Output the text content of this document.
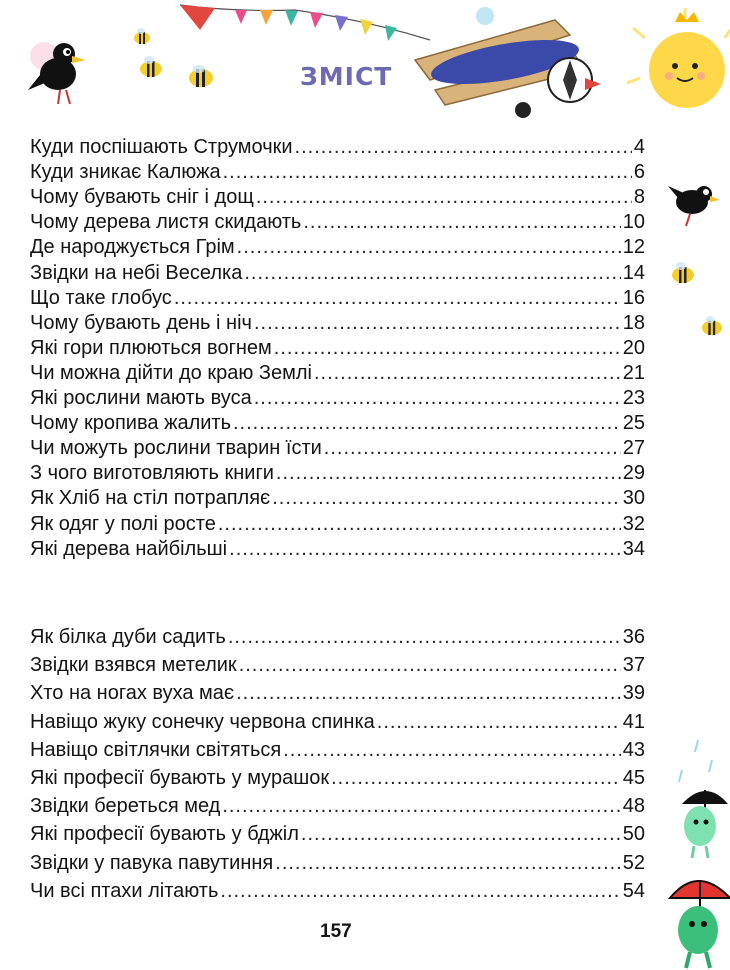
ЗМІСТ
Куди поспішають Струмочки .....	4
Куди зникає Калюжа .....	6
Чому бувають сніг і дощ .....	8
Чому дерева листя скидають .....	10
Де народжується Грім .....	12
Звідки на небі Веселка .....	14
Що таке глобус .....	16
Чому бувають день і ніч .....	18
Які гори плюються вогнем .....	20
Чи можна дійти до краю Землі .....	21
Які рослини мають вуса .....	23
Чому кропива жалить .....	25
Чи можуть рослини тварин їсти .....	27
З чого виготовляють книги .....	29
Як Хліб на стіл потрапляє .....	30
Як одяг у полі росте .....	32
Які дерева найбільші .....	34
Як білка дуби садить .....	36
Звідки взявся метелик .....	37
Хто на ногах вуха має .....	39
Навіщо жуку сонечку червона спинка .....	41
Навіщо світлячки світяться .....	43
Які професії бувають у мурашок .....	45
Звідки береться мед .....	48
Які професії бувають у бджіл .....	50
Звідки у павука павутиння .....	52
Чи всі птахи літають .....	54
157
